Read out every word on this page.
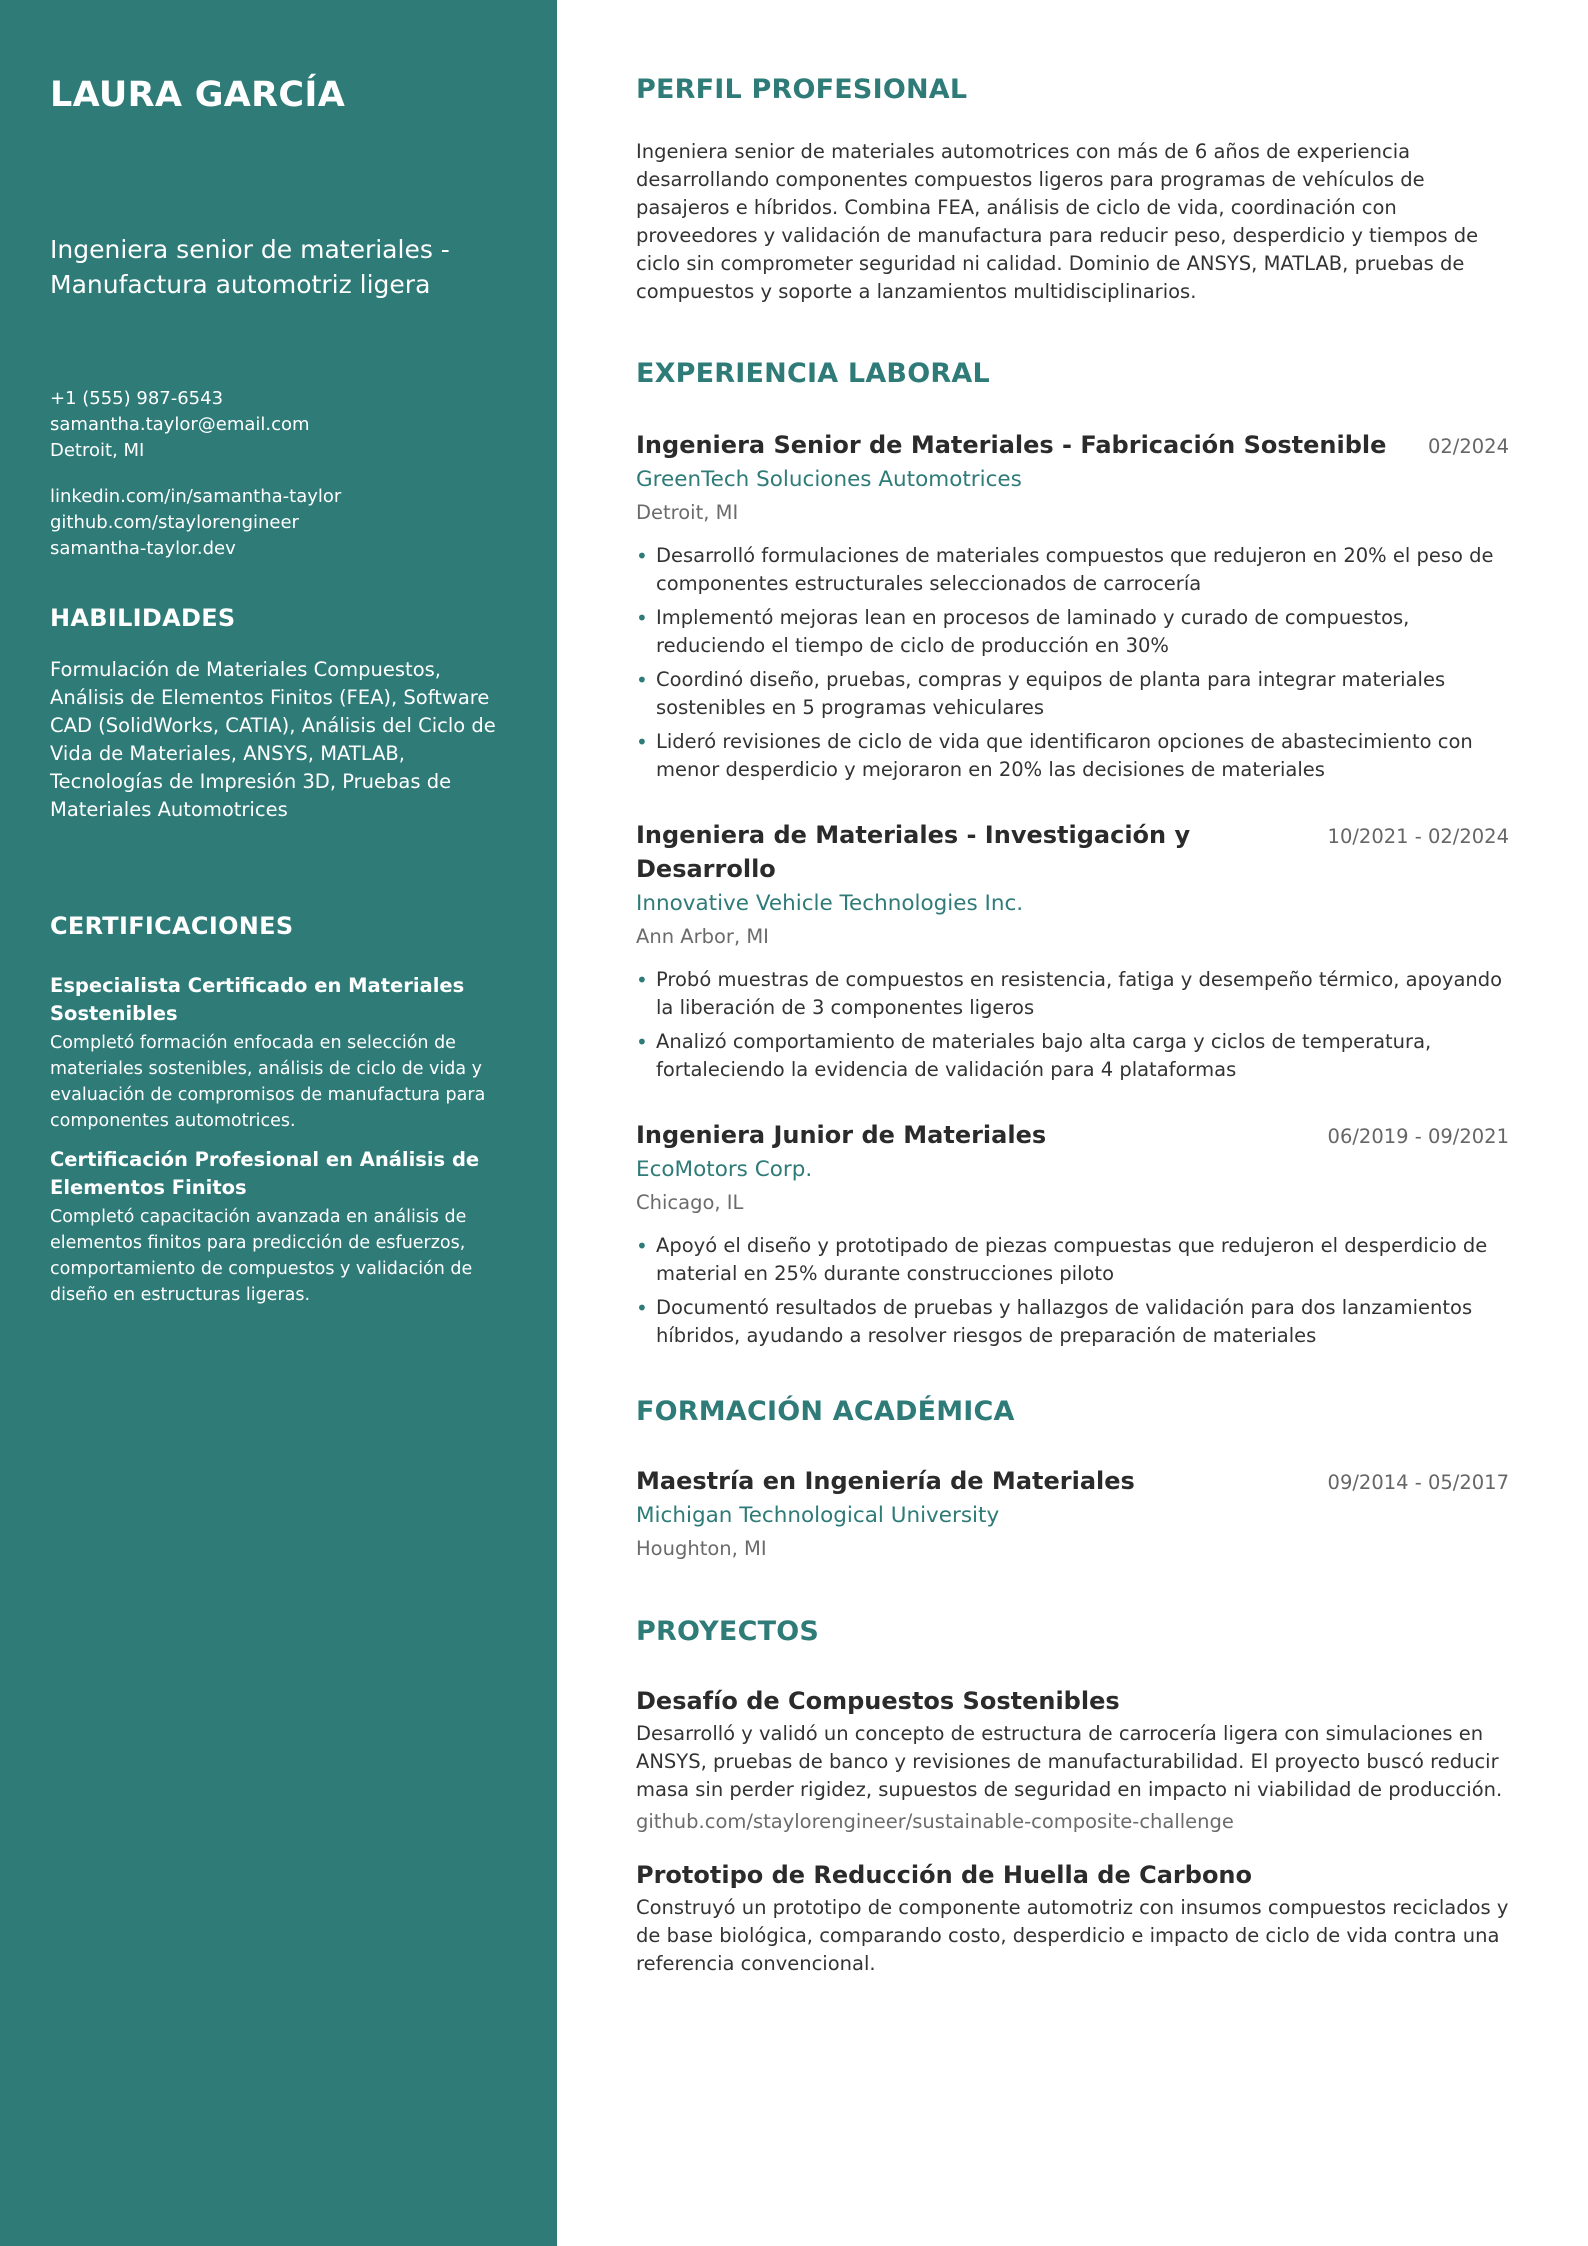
LAURA GARCÍA
Ingeniera senior de materiales - Manufactura automotriz ligera
+1 (555) 987-6543
samantha.taylor@email.com
Detroit, MI
linkedin.com/in/samantha-taylor
github.com/staylorengineer
samantha-taylor.dev
HABILIDADES
Formulación de Materiales Compuestos, Análisis de Elementos Finitos (FEA), Software CAD (SolidWorks, CATIA), Análisis del Ciclo de Vida de Materiales, ANSYS, MATLAB, Tecnologías de Impresión 3D, Pruebas de Materiales Automotrices
CERTIFICACIONES
Especialista Certificado en Materiales Sostenibles
Completó formación enfocada en selección de materiales sostenibles, análisis de ciclo de vida y evaluación de compromisos de manufactura para componentes automotrices.
Certificación Profesional en Análisis de Elementos Finitos
Completó capacitación avanzada en análisis de elementos finitos para predicción de esfuerzos, comportamiento de compuestos y validación de diseño en estructuras ligeras.
PERFIL PROFESIONAL
Ingeniera senior de materiales automotrices con más de 6 años de experiencia desarrollando componentes compuestos ligeros para programas de vehículos de pasajeros e híbridos. Combina FEA, análisis de ciclo de vida, coordinación con proveedores y validación de manufactura para reducir peso, desperdicio y tiempos de ciclo sin comprometer seguridad ni calidad. Dominio de ANSYS, MATLAB, pruebas de compuestos y soporte a lanzamientos multidisciplinarios.
EXPERIENCIA LABORAL
Ingeniera Senior de Materiales - Fabricación Sostenible 02/2024
GreenTech Soluciones Automotrices
Detroit, MI
• Desarrolló formulaciones de materiales compuestos que redujeron en 20% el peso de componentes estructurales seleccionados de carrocería
• Implementó mejoras lean en procesos de laminado y curado de compuestos, reduciendo el tiempo de ciclo de producción en 30%
• Coordinó diseño, pruebas, compras y equipos de planta para integrar materiales sostenibles en 5 programas vehiculares
• Lideró revisiones de ciclo de vida que identificaron opciones de abastecimiento con menor desperdicio y mejoraron en 20% las decisiones de materiales
Ingeniera de Materiales - Investigación y Desarrollo
10/2021 - 02/2024
Innovative Vehicle Technologies Inc.
Ann Arbor, MI
• Probó muestras de compuestos en resistencia, fatiga y desempeño térmico, apoyando la liberación de 3 componentes ligeros
• Analizó comportamiento de materiales bajo alta carga y ciclos de temperatura, fortaleciendo la evidencia de validación para 4 plataformas
Ingeniera Junior de Materiales	06/2019 - 09/2021
EcoMotors Corp.
Chicago, IL
• Apoyó el diseño y prototipado de piezas compuestas que redujeron el desperdicio de material en 25% durante construcciones piloto
• Documentó resultados de pruebas y hallazgos de validación para dos lanzamientos híbridos, ayudando a resolver riesgos de preparación de materiales
FORMACIÓN ACADÉMICA
Maestría en Ingeniería de Materiales	09/2014 - 05/2017
Michigan Technological University
Houghton, MI
PROYECTOS
Desafío de Compuestos Sostenibles
Desarrolló y validó un concepto de estructura de carrocería ligera con simulaciones en ANSYS, pruebas de banco y revisiones de manufacturabilidad. El proyecto buscó reducir masa sin perder rigidez, supuestos de seguridad en impacto ni viabilidad de producción.
github.com/staylorengineer/sustainable-composite-challenge
Prototipo de Reducción de Huella de Carbono
Construyó un prototipo de componente automotriz con insumos compuestos reciclados y de base biológica, comparando costo, desperdicio e impacto de ciclo de vida contra una referencia convencional.
